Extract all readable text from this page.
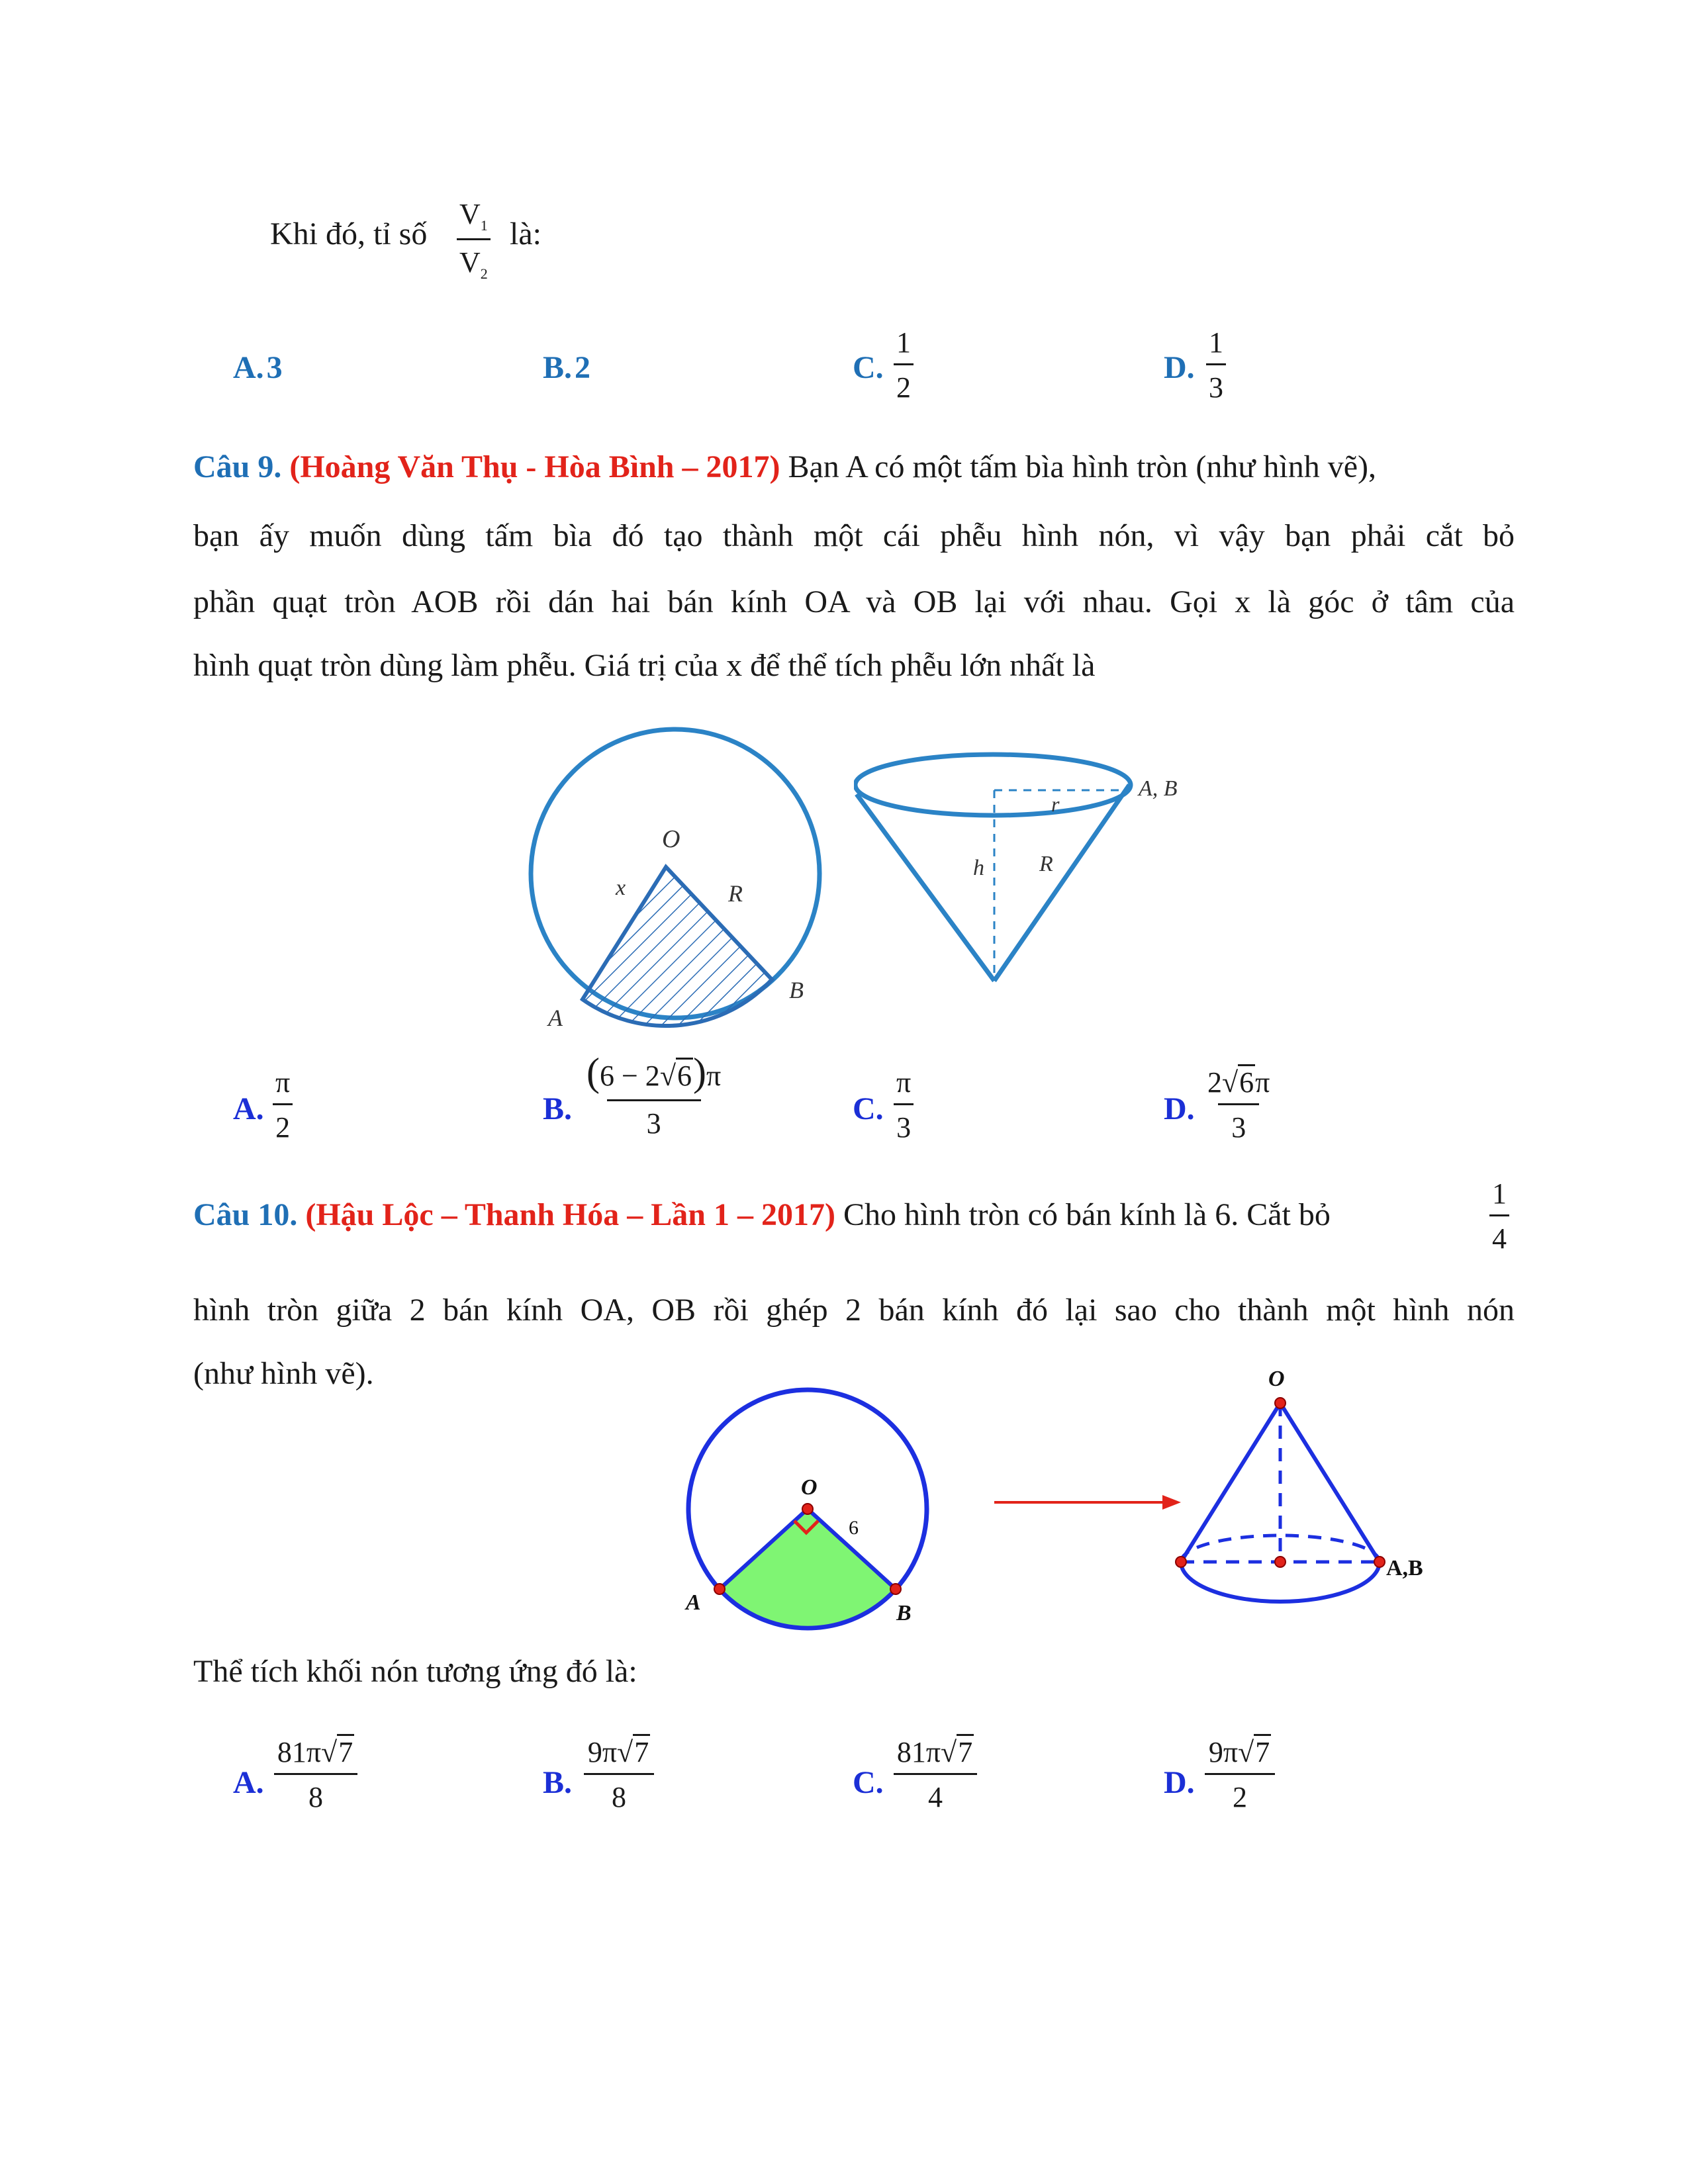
Khi đó, tỉ số $\frac{V_1}{V_2}$ là:
A. 3	B. 2	C. $\frac{1}{2}$	D. $\frac{1}{3}$
Câu 9. (Hoàng Văn Thụ - Hòa Bình – 2017) Bạn A có một tấm bìa hình tròn (như hình vẽ),
bạn ấy muốn dùng tấm bìa đó tạo thành một cái phễu hình nón, vì vậy bạn phải cắt bỏ
phần quạt tròn AOB rồi dán hai bán kính OA và OB lại với nhau. Gọi x là góc ở tâm của
hình quạt tròn dùng làm phễu. Giá trị của x để thể tích phễu lớn nhất là
O
x	R
A
B
A, B
r
h R
A. $\frac{\pi}{2}$	B. $\frac{(6 - 2√6)\pi}{3}$	C. $\frac{\pi}{3}$	D. $\frac{2√6\pi}{3}$
Câu 10. (Hậu Lộc – Thanh Hóa – Lần 1 – 2017) Cho hình tròn có bán kính là 6. Cắt bỏ	$\frac{1}{4}$
hình tròn giữa 2 bán kính OA, OB rồi ghép 2 bán kính đó lại sao cho thành một hình nón
(như hình vẽ).
O
6
A	B
O
A,B
Thể tích khối nón tương ứng đó là:
A. $\frac{81\pi√7}{8}$	B. $\frac{9\pi√7}{8}$	C. $\frac{81\pi√7}{4}$	D. $\frac{9\pi√7}{2}$
